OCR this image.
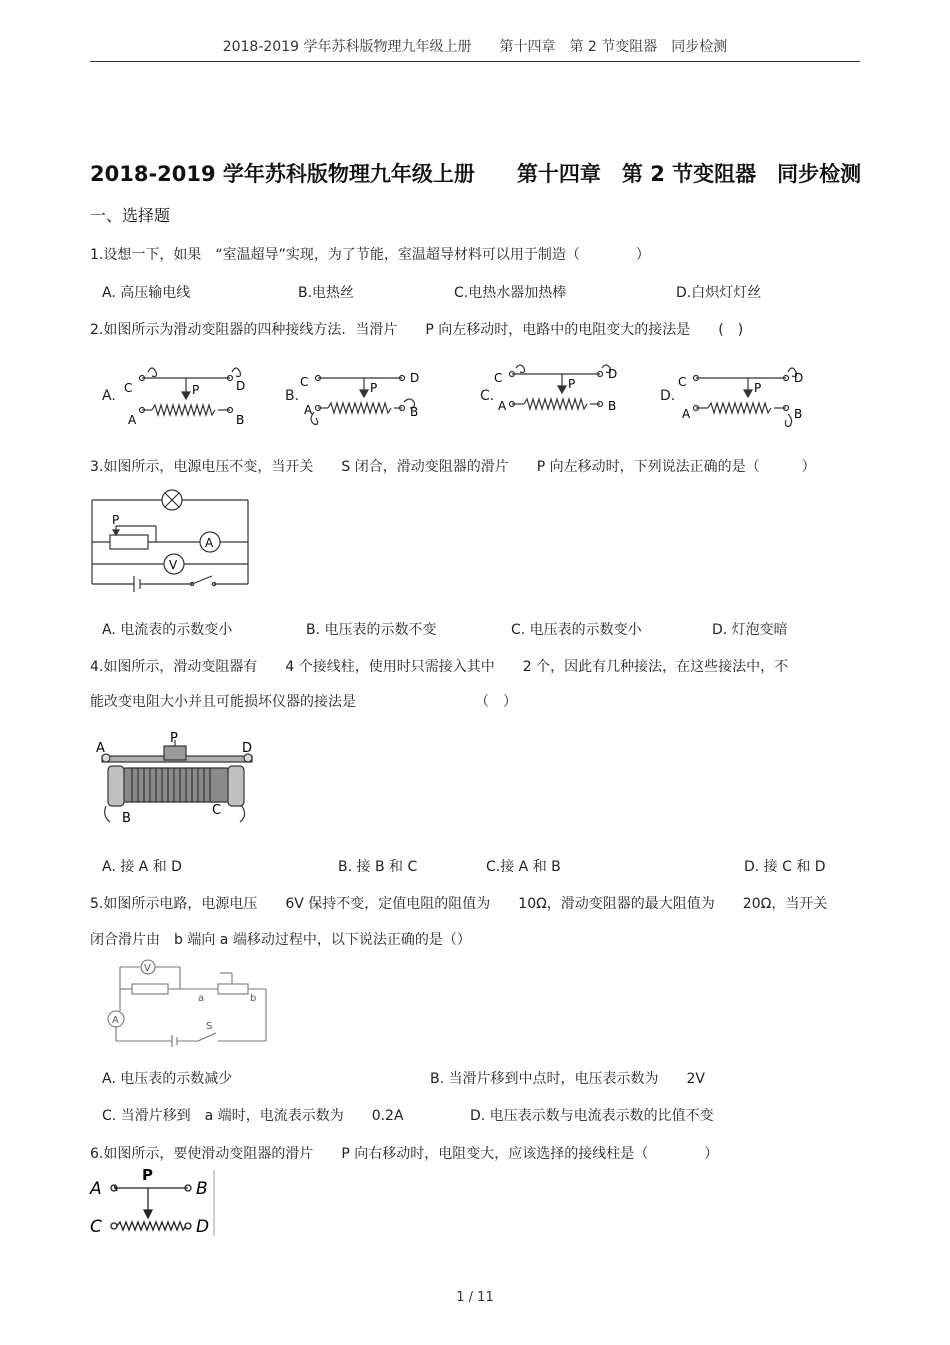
2018-2019 学年苏科版物理九年级上册　　第十四章　第 2 节变阻器　同步检测
2018-2019 学年苏科版物理九年级上册　　第十四章　第 2 节变阻器　同步检测
一、选择题
1.设想一下，如果　“室温超导”实现，为了节能，室温超导材料可以用于制造（　　　　）
A. 高压输电线	B.电热丝	C.电热水器加热棒	D.白炽灯灯丝
2.如图所示为滑动变阻器的四种接线方法．当滑片　　P 向左移动时，电路中的电阻变大的接法是　　(　)
A.	B.	C.	D.
C	D
P
A	B
C	D
P
A	B
C	D
P
A	B
C	D
P
A	B
3.如图所示，电源电压不变，当开关　　S 闭合，滑动变阻器的滑片　　P 向左移动时，下列说法正确的是（　　　）
P
A
V
A. 电流表的示数变小	B. 电压表的示数不变	C. 电压表的示数变小	D. 灯泡变暗
4.如图所示，滑动变阻器有　　4 个接线柱，使用时只需接入其中　　2 个，因此有几种接法，在这些接法中，不
能改变电阻大小并且可能损坏仪器的接法是　　　　　　　　　（　）
A
P
D
B
C
A. 接 A 和 D	B. 接 B 和 C	C.接 A 和 B	D. 接 C 和 D
5.如图所示电路，电源电压　　6V 保持不变，定值电阻的阻值为　　10Ω，滑动变阻器的最大阻值为　　20Ω，当开关
闭合滑片由　b 端向 a 端移动过程中，以下说法正确的是（）
V
A
a	b
S
A. 电压表的示数减少	B. 当滑片移到中点时，电压表示数为　　2V
C. 当滑片移到　a 端时，电流表示数为　　0.2A	D. 电压表示数与电流表示数的比值不变
6.如图所示，要使滑动变阻器的滑片　　P 向右移动时，电阻变大，应该选择的接线柱是（　　　　）
A
P
B
C	D
1 / 11
